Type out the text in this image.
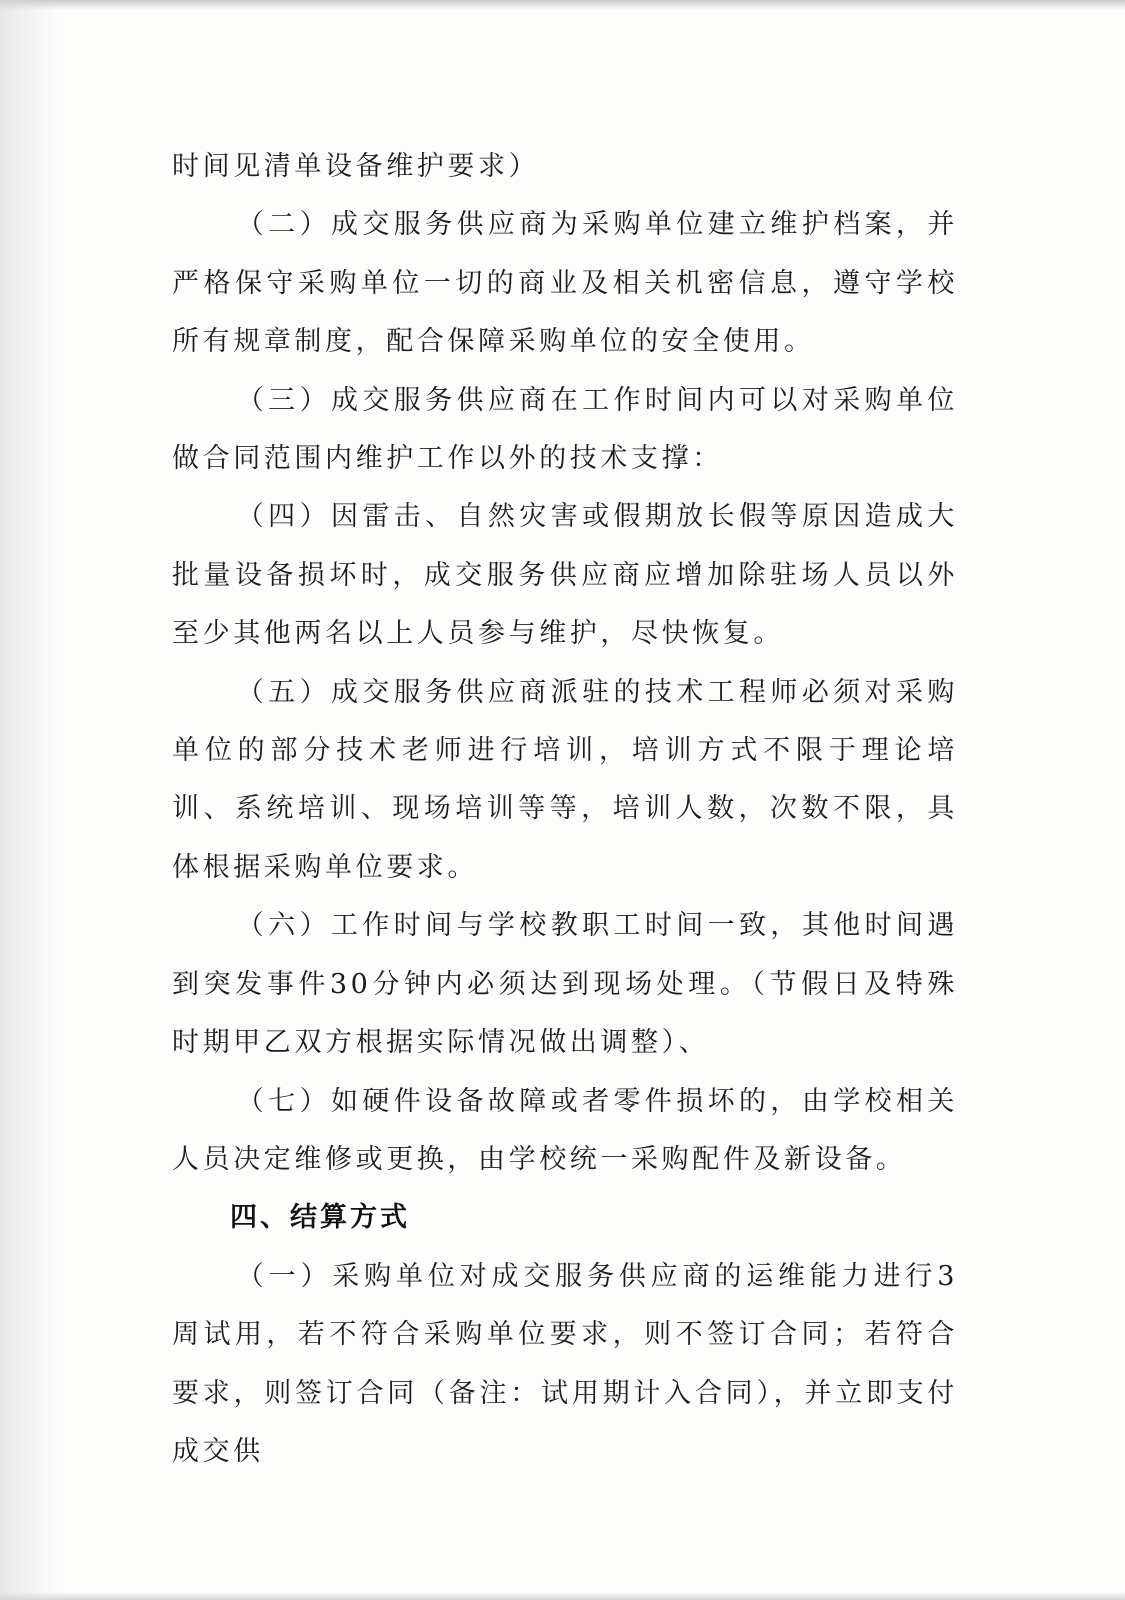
时间见清单设备维护要求）

（二）成交服务供应商为采购单位建立维护档案，并严格保守采购单位一切的商业及相关机密信息，遵守学校所有规章制度，配合保障采购单位的安全使用。

（三）成交服务供应商在工作时间内可以对采购单位做合同范围内维护工作以外的技术支撑：

（四）因雷击、自然灾害或假期放长假等原因造成大批量设备损坏时，成交服务供应商应增加除驻场人员以外至少其他两名以上人员参与维护，尽快恢复。

（五）成交服务供应商派驻的技术工程师必须对采购单位的部分技术老师进行培训，培训方式不限于理论培训、系统培训、现场培训等等，培训人数，次数不限，具体根据采购单位要求。

（六）工作时间与学校教职工时间一致，其他时间遇到突发事件30分钟内必须达到现场处理。（节假日及特殊时期甲乙双方根据实际情况做出调整）、

（七）如硬件设备故障或者零件损坏的，由学校相关人员决定维修或更换，由学校统一采购配件及新设备。

四、结算方式

（一）采购单位对成交服务供应商的运维能力进行3周试用，若不符合采购单位要求，则不签订合同；若符合要求，则签订合同（备注：试用期计入合同），并立即支付成交供
